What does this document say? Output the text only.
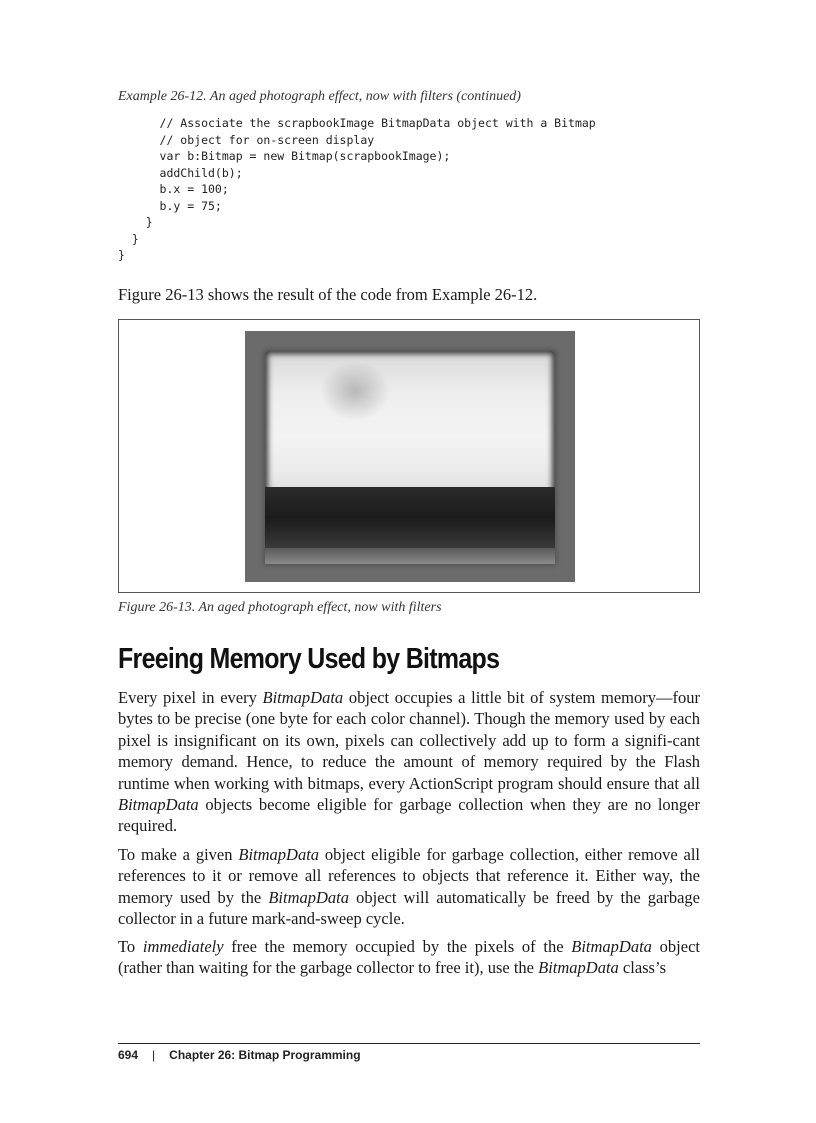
Example 26-12. An aged photograph effect, now with filters (continued)
// Associate the scrapbookImage BitmapData object with a Bitmap
// object for on-screen display
var b:Bitmap = new Bitmap(scrapbookImage);
addChild(b);
b.x = 100;
b.y = 75;
}
}
}

Figure 26-13 shows the result of the code from Example 26-12.

Figure 26-13. An aged photograph effect, now with filters
Freeing Memory Used by Bitmaps

Every pixel in every BitmapData object occupies a little bit of system memory—four bytes to be precise (one byte for each color channel). Though the memory used by each pixel is insignificant on its own, pixels can collectively add up to form a signifi-cant memory demand. Hence, to reduce the amount of memory required by the Flash runtime when working with bitmaps, every ActionScript program should ensure that all BitmapData objects become eligible for garbage collection when they are no longer required.

To make a given BitmapData object eligible for garbage collection, either remove all references to it or remove all references to objects that reference it. Either way, the memory used by the BitmapData object will automatically be freed by the garbage collector in a future mark-and-sweep cycle.

To immediately free the memory occupied by the pixels of the BitmapData object (rather than waiting for the garbage collector to free it), use the BitmapData class’s

694 | Chapter 26: Bitmap Programming
